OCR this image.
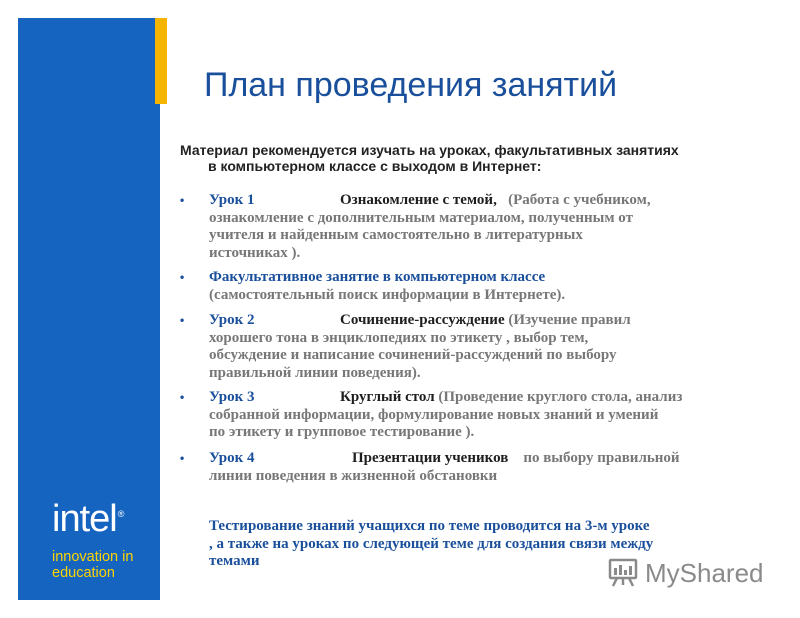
intel®
innovation in
education
План проведения занятий
Материал рекомендуется изучать на уроках, факультативных занятиях
в компьютерном классе с выходом в Интернет:
• Урок 1	Ознакомление с темой, (Работа с учебником,
ознакомление с дополнительным материалом, полученным от
учителя и найденным самостоятельно в литературных
источниках ).
• Факультативное занятие в компьютерном классе
(самостоятельный поиск информации в Интернете).
• Урок 2	Сочинение-рассуждение (Изучение правил
хорошего тона в энциклопедиях по этикету , выбор тем,
обсуждение и написание сочинений-рассуждений по выбору
правильной линии поведения).
• Урок 3	Круглый стол (Проведение круглого стола, анализ
собранной информации, формулирование новых знаний и умений
по этикету и групповое тестирование ).
• Урок 4	Презентации учеников по выбору правильной
линии поведения в жизненной обстановки
Тестирование знаний учащихся по теме проводится на 3-м уроке
, а также на уроках по следующей теме для создания связи между
темами	MyShared
